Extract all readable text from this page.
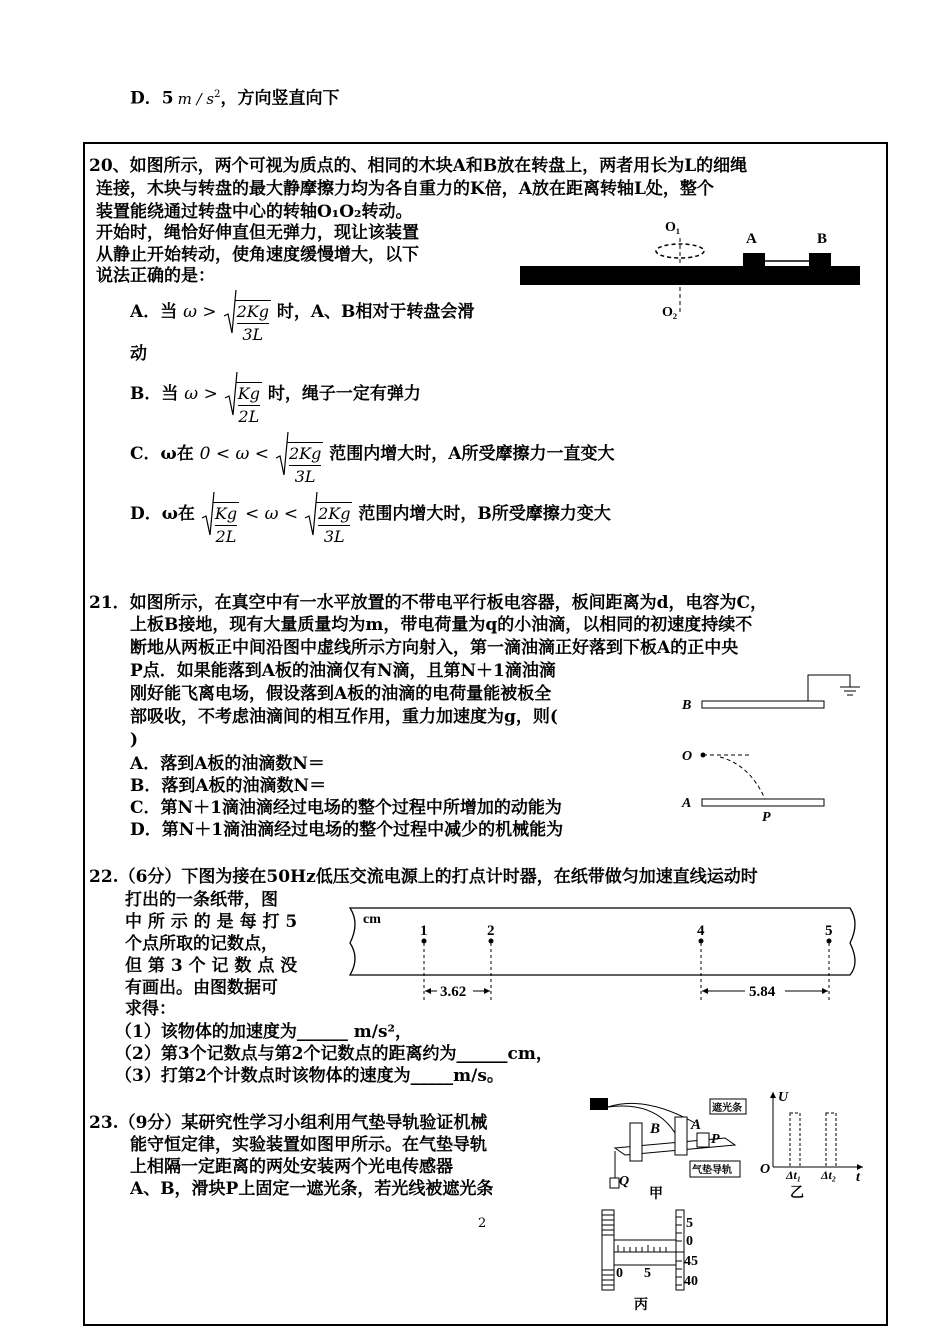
D．5 m / $s^2$，方向竖直向下
20、如图所示，两个可视为质点的、相同的木块A和B放在转盘上，两者用长为L的细绳
连接，木块与转盘的最大静摩擦力均为各自重力的K倍，A放在距离转轴L处，整个
装置能绕通过转盘中心的转轴O₁O₂转动。
开始时，绳恰好伸直但无弹力，现让该装置
从静止开始转动，使角速度缓慢增大，以下
说法正确的是：
O₁
O₂
A	B
A．当 $\omega > \frac{2Kg}{3L}$ 时，A、B相对于转盘会滑
动
B．当 $\omega > \frac{Kg}{2L}$ 时，绳子一定有弹力
C．ω在 $0 < \omega < \frac{2Kg}{3L}$ 范围内增大时，A所受摩擦力一直变大
D．ω在 $\frac{Kg}{2L} < \omega < \frac{2Kg}{3L}$ 范围内增大时，B所受摩擦力变大
21．如图所示，在真空中有一水平放置的不带电平行板电容器，板间距离为d，电容为C，
上板B接地，现有大量质量均为m，带电荷量为q的小油滴，以相同的初速度持续不
断地从两板正中间沿图中虚线所示方向射入，第一滴油滴正好落到下板A的正中央
P点．如果能落到A板的油滴仅有N滴，且第N＋1滴油滴
刚好能飞离电场，假设落到A板的油滴的电荷量能被板全
部吸收，不考虑油滴间的相互作用，重力加速度为g，则(
)
A．落到A板的油滴数N＝
B．落到A板的油滴数N＝
C．第N＋1滴油滴经过电场的整个过程中所增加的动能为
D．第N＋1滴油滴经过电场的整个过程中减少的机械能为
B
O
A
P
22.（6分）下图为接在50Hz低压交流电源上的打点计时器，在纸带做匀加速直线运动时
打出的一条纸带，图
中 所 示 的 是 每 打 5
个点所取的记数点，
但 第 3 个 记 数 点 没
有画出。由图数据可
求得：
（1）该物体的加速度为______ m/s²，
（2）第3个记数点与第2个记数点的距离约为______cm，
（3）打第2个计数点时该物体的速度为_____m/s。
cm
1	2	4	5
3.62	5.84
23.（9分）某研究性学习小组利用气垫导轨验证机械
能守恒定律，实验装置如图甲所示。在气垫导轨
上相隔一定距离的两处安装两个光电传感器
A、B，滑块P上固定一遮光条，若光线被遮光条
B A
P
Q
遮光条
气垫导轨
甲
U
O
t
Δt₁ Δt₂
乙
0 5
5
0
45
40
丙
2
